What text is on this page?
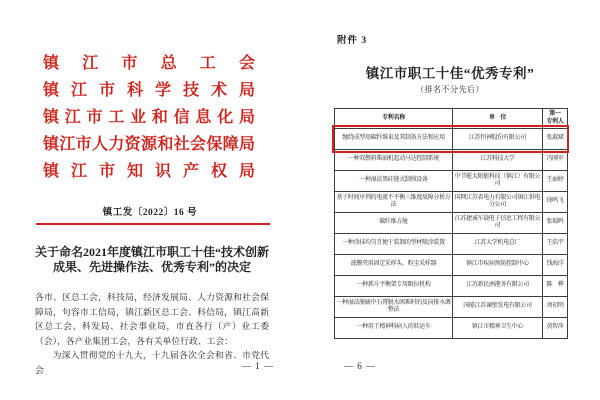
镇江市总工会
镇江市科学技术局
镇江市工业和信息化局
镇江市人力资源和社会保障局
镇江市知识产权局
镇工发〔2022〕16 号
关于命名2021年度镇江市职工十佳“技术创新
成果、先进操作法、优秀专利”的决定

各市、区总工会，科技局，经济发展局、人力资源和社会保障局，句容市工信局，镇江新区总工会、科信局，镇江高新区总工会、科发局、社会事业局，市直各行（产）业工委（会），各产业集团工会，各有关单位行政、工会：

为深入贯彻党的十九大，十九届各次全会和省、市党代会	— 1 —
附件 3
镇江市职工十佳“优秀专利”
（排名不分先后）
专利名称	单　位	第一
专利人

缠绕成型用碳纤维束及其制备方法和应用	江苏恒神股份有限公司	张淑斌
一种双燃料柴油机起动马达控制系统	江苏科技大学	冯刚军
一种湿法黑硅链式制绒设备	中节能太阳能科技（镇江）有限公司	王丽婷
基于时间序列的电流不平衡三维度故障分析方法	国网江苏省电力有限公司镇江供电分公司	徐鸣飞
碳纤维方舱	江苏捷诚车载电子信息工程有限公司	张瑞鸣
一种涂抹均匀且便于装卸的型材喷涂装置	江苏大学机电总厂	王浩宇
滤膜夹用固定采样头、粉尘采样器	镇江市疾病预防控制中心	钱海洋
一种抓斗平衡架专用限拉机构	江苏新民洲港务有限公司	陈　桦
一种湿法脱硫中石膏脱水困难时的反向排水调整法	国能江苏谏壁发电有限公司	刘初明
一种用于精神科病人的转运车	镇江市精神卫生中心	黄智萍
— 6 —
